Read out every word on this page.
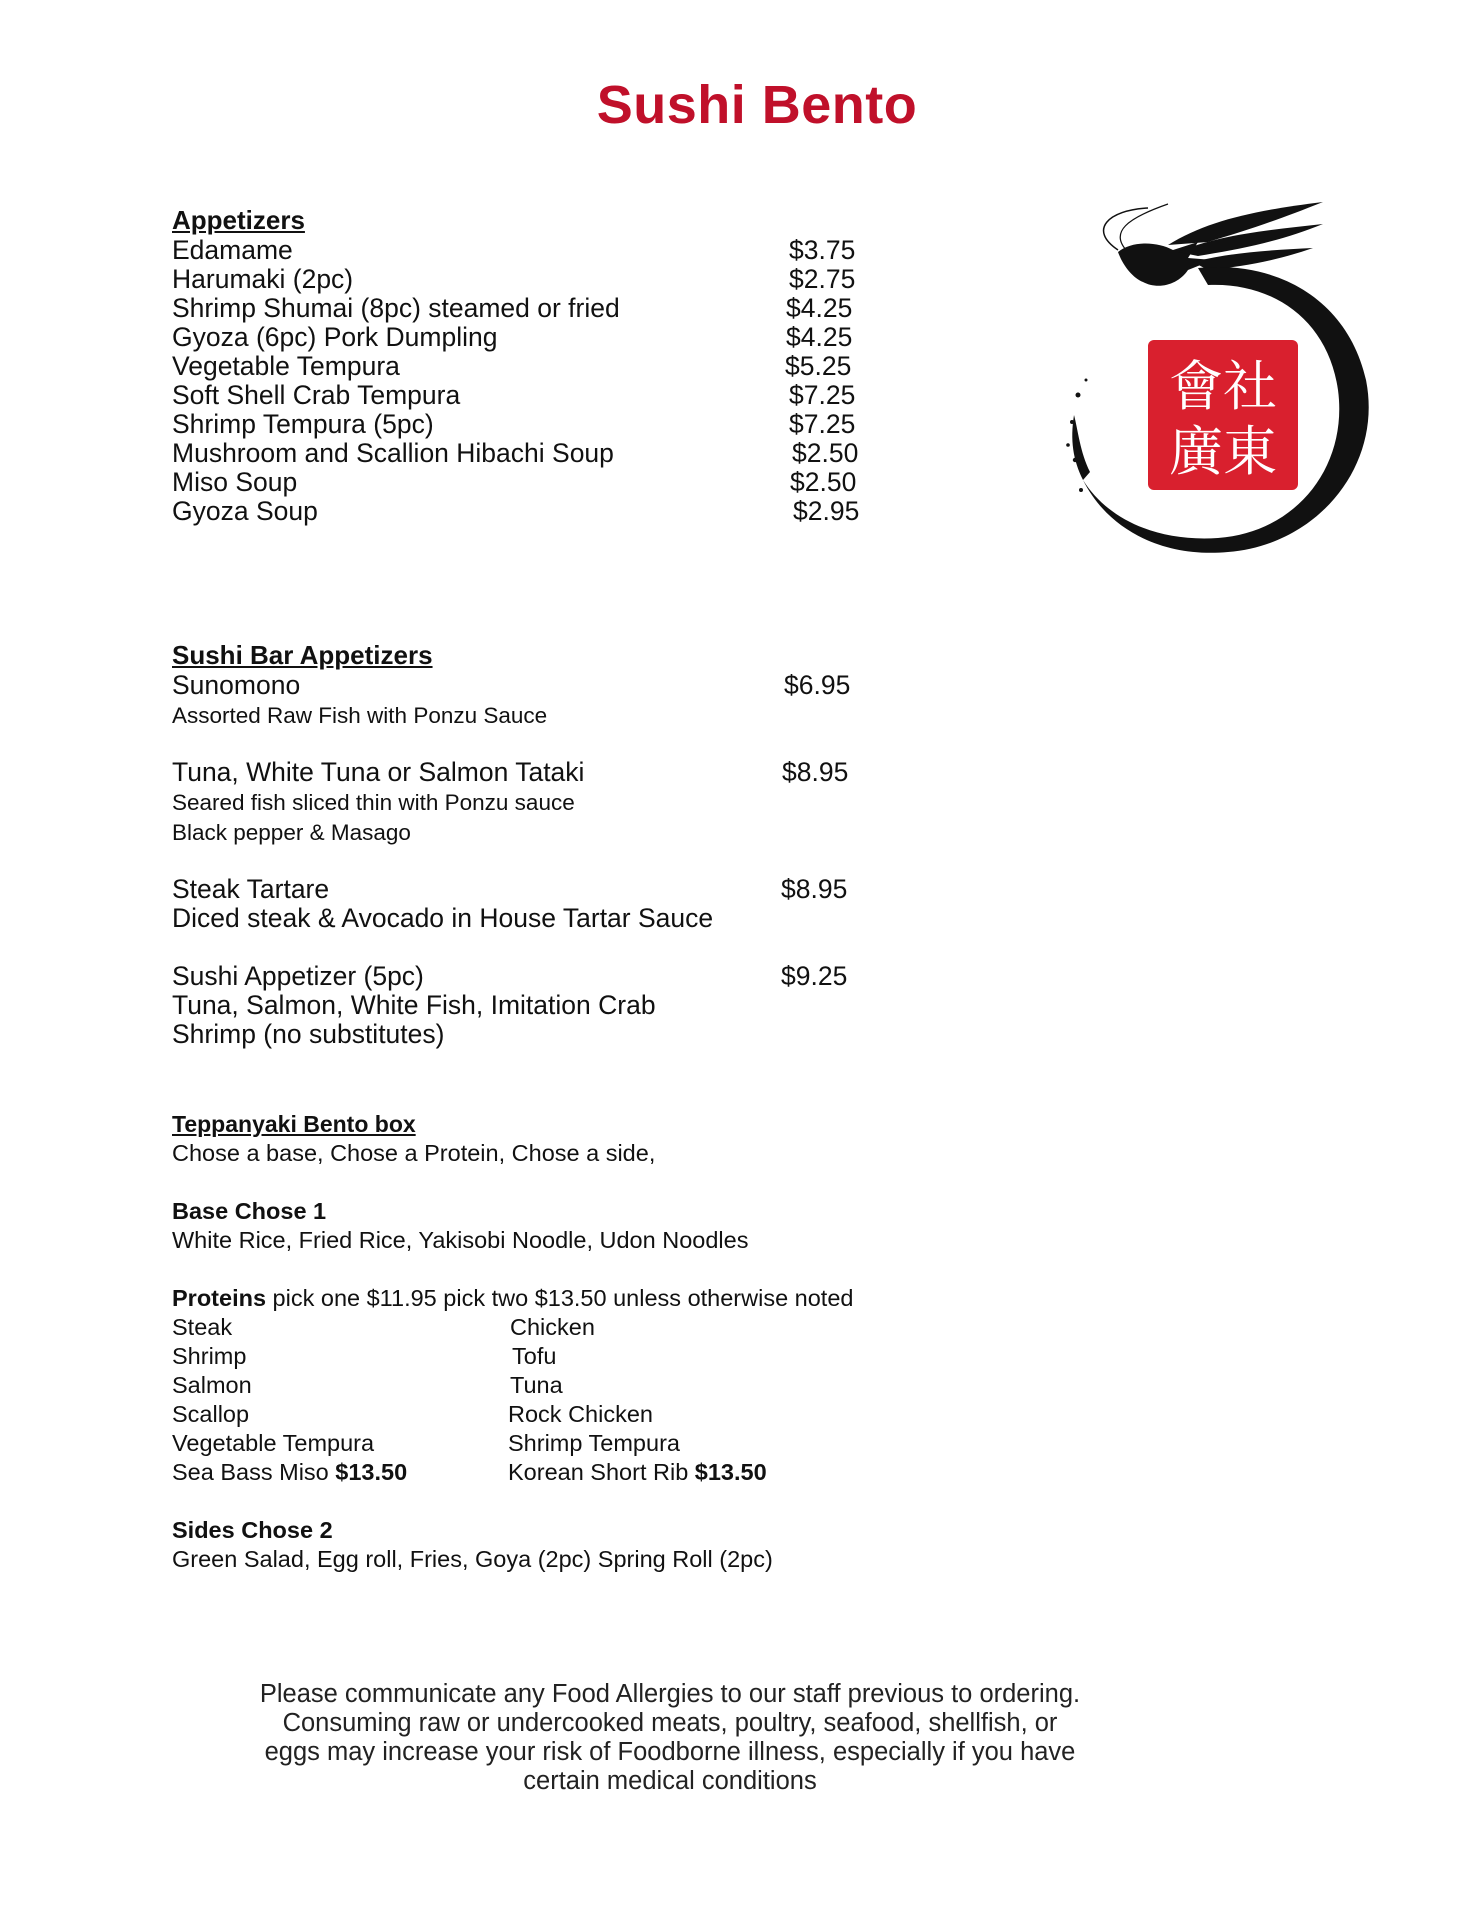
Sushi Bento
Appetizers
Edamame	$3.75
Harumaki (2pc)	$2.75
Shrimp Shumai (8pc) steamed or fried	$4.25
Gyoza (6pc) Pork Dumpling	$4.25
Vegetable Tempura	$5.25
Soft Shell Crab Tempura	$7.25
Shrimp Tempura (5pc)	$7.25
Mushroom and Scallion Hibachi Soup	$2.50
Miso Soup	$2.50
Gyoza Soup	$2.95
會社
廣東
Sushi Bar Appetizers
Sunomono	$6.95
Assorted Raw Fish with Ponzu Sauce
Tuna, White Tuna or Salmon Tataki	$8.95
Seared fish sliced thin with Ponzu sauce
Black pepper & Masago
Steak Tartare	$8.95
Diced steak & Avocado in House Tartar Sauce
Sushi Appetizer (5pc)	$9.25
Tuna, Salmon, White Fish, Imitation Crab
Shrimp (no substitutes)
Teppanyaki Bento box
Chose a base, Chose a Protein, Chose a side,
Base Chose 1
White Rice, Fried Rice, Yakisobi Noodle, Udon Noodles
Proteins pick one $11.95 pick two $13.50 unless otherwise noted
Steak	Chicken
Shrimp	Tofu
Salmon	Tuna
Scallop	Rock Chicken
Vegetable Tempura	Shrimp Tempura
Sea Bass Miso $13.50	Korean Short Rib $13.50
Sides Chose 2
Green Salad, Egg roll, Fries, Goya (2pc) Spring Roll (2pc)
Please communicate any Food Allergies to our staff previous to ordering.
Consuming raw or undercooked meats, poultry, seafood, shellfish, or
eggs may increase your risk of Foodborne illness, especially if you have
certain medical conditions
